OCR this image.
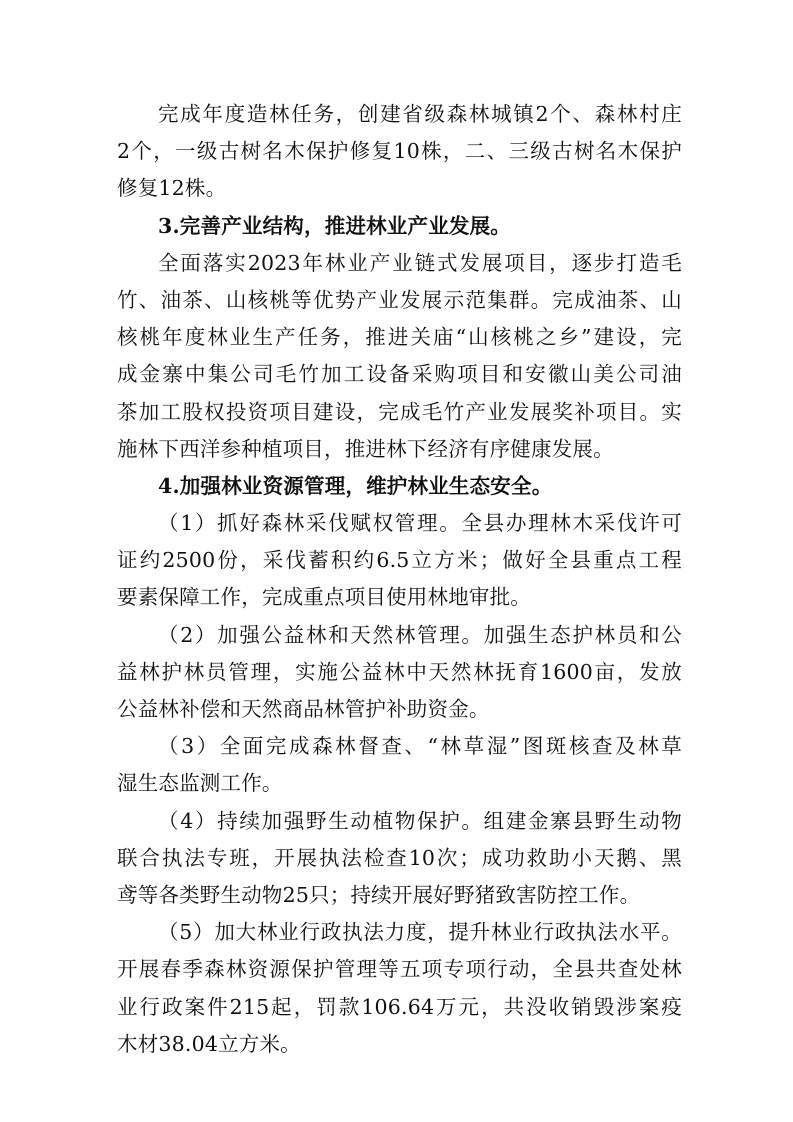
完成年度造林任务，创建省级森林城镇2个、森林村庄
2个，一级古树名木保护修复10株，二、三级古树名木保护
修复12株。
3.完善产业结构，推进林业产业发展。
全面落实2023年林业产业链式发展项目，逐步打造毛
竹、油茶、山核桃等优势产业发展示范集群。完成油茶、山
核桃年度林业生产任务，推进关庙“山核桃之乡”建设，完
成金寨中集公司毛竹加工设备采购项目和安徽山美公司油
茶加工股权投资项目建设，完成毛竹产业发展奖补项目。实
施林下西洋参种植项目，推进林下经济有序健康发展。
4.加强林业资源管理，维护林业生态安全。
（1）抓好森林采伐赋权管理。全县办理林木采伐许可
证约2500份，采伐蓄积约6.5立方米；做好全县重点工程
要素保障工作，完成重点项目使用林地审批。
（2）加强公益林和天然林管理。加强生态护林员和公
益林护林员管理，实施公益林中天然林抚育1600亩，发放
公益林补偿和天然商品林管护补助资金。
（3）全面完成森林督查、“林草湿”图斑核查及林草
湿生态监测工作。
（4）持续加强野生动植物保护。组建金寨县野生动物
联合执法专班，开展执法检查10次；成功救助小天鹅、黑
鸢等各类野生动物25只；持续开展好野猪致害防控工作。
（5）加大林业行政执法力度，提升林业行政执法水平。
开展春季森林资源保护管理等五项专项行动，全县共查处林
业行政案件215起，罚款106.64万元，共没收销毁涉案疫
木材38.04立方米。
